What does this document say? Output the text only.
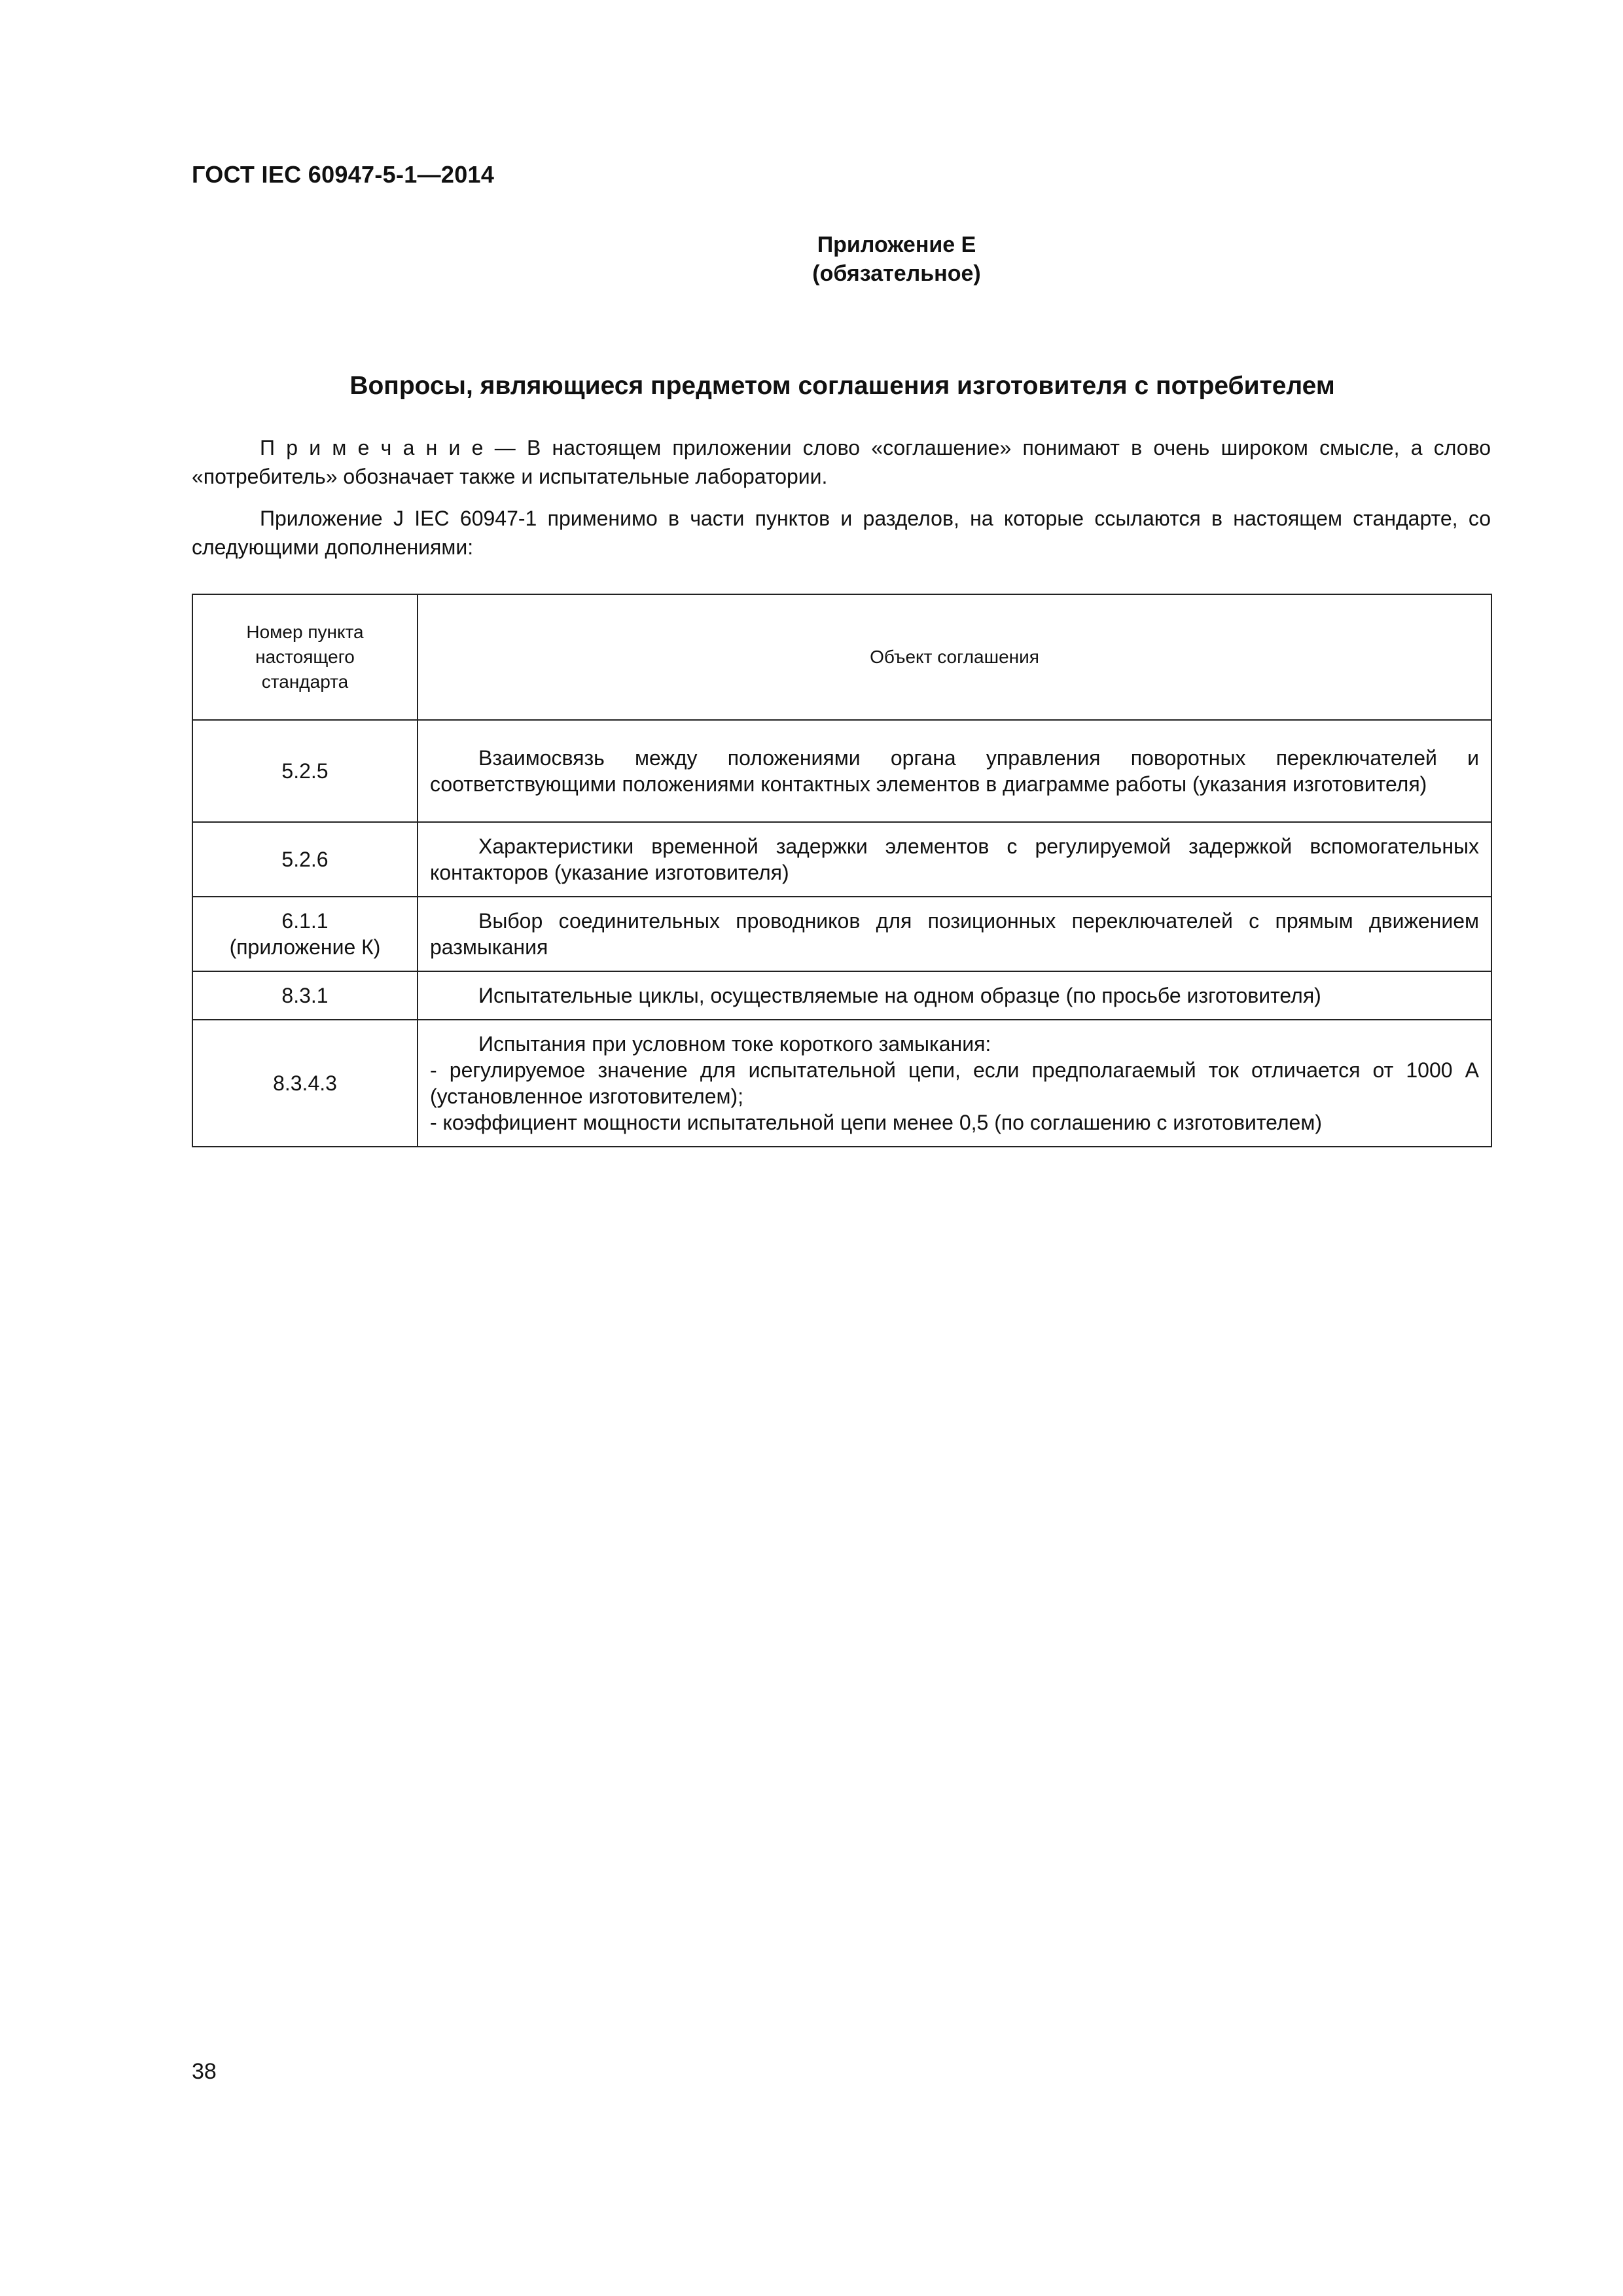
ГОСТ IEC 60947-5-1—2014
Приложение Е
(обязательное)
Вопросы, являющиеся предметом соглашения изготовителя с потребителем

П р и м е ч а н и е — В настоящем приложении слово «соглашение» понимают в очень широком смысле, а слово «потребитель» обозначает также и испытательные лаборатории.

Приложение J IEC 60947-1 применимо в части пунктов и разделов, на которые ссылаются в настоящем стандарте, со следующими дополнениями:

Номер пункта настоящего стандарта	Объект соглашения
5.2.5	Взаимосвязь между положениями органа управления поворотных переключателей и соответствующими положениями контактных элементов в диаграмме работы (указания изготовителя)

5.2.6	Характеристики временной задержки элементов с регулируемой задержкой вспомогательных контакторов (указание изготовителя)

6.1.1
(приложение К)	Выбор соединительных проводников для позиционных переключателей с прямым движением размыкания

8.3.1	Испытательные циклы, осуществляемые на одном образце (по просьбе изготовителя)

8.3.4.3	Испытания при условном токе короткого замыкания:
- регулируемое значение для испытательной цепи, если предполагаемый ток отличается от 1000 А (установленное изготовителем);
- коэффициент мощности испытательной цепи менее 0,5 (по соглашению с изготовителем)
38
